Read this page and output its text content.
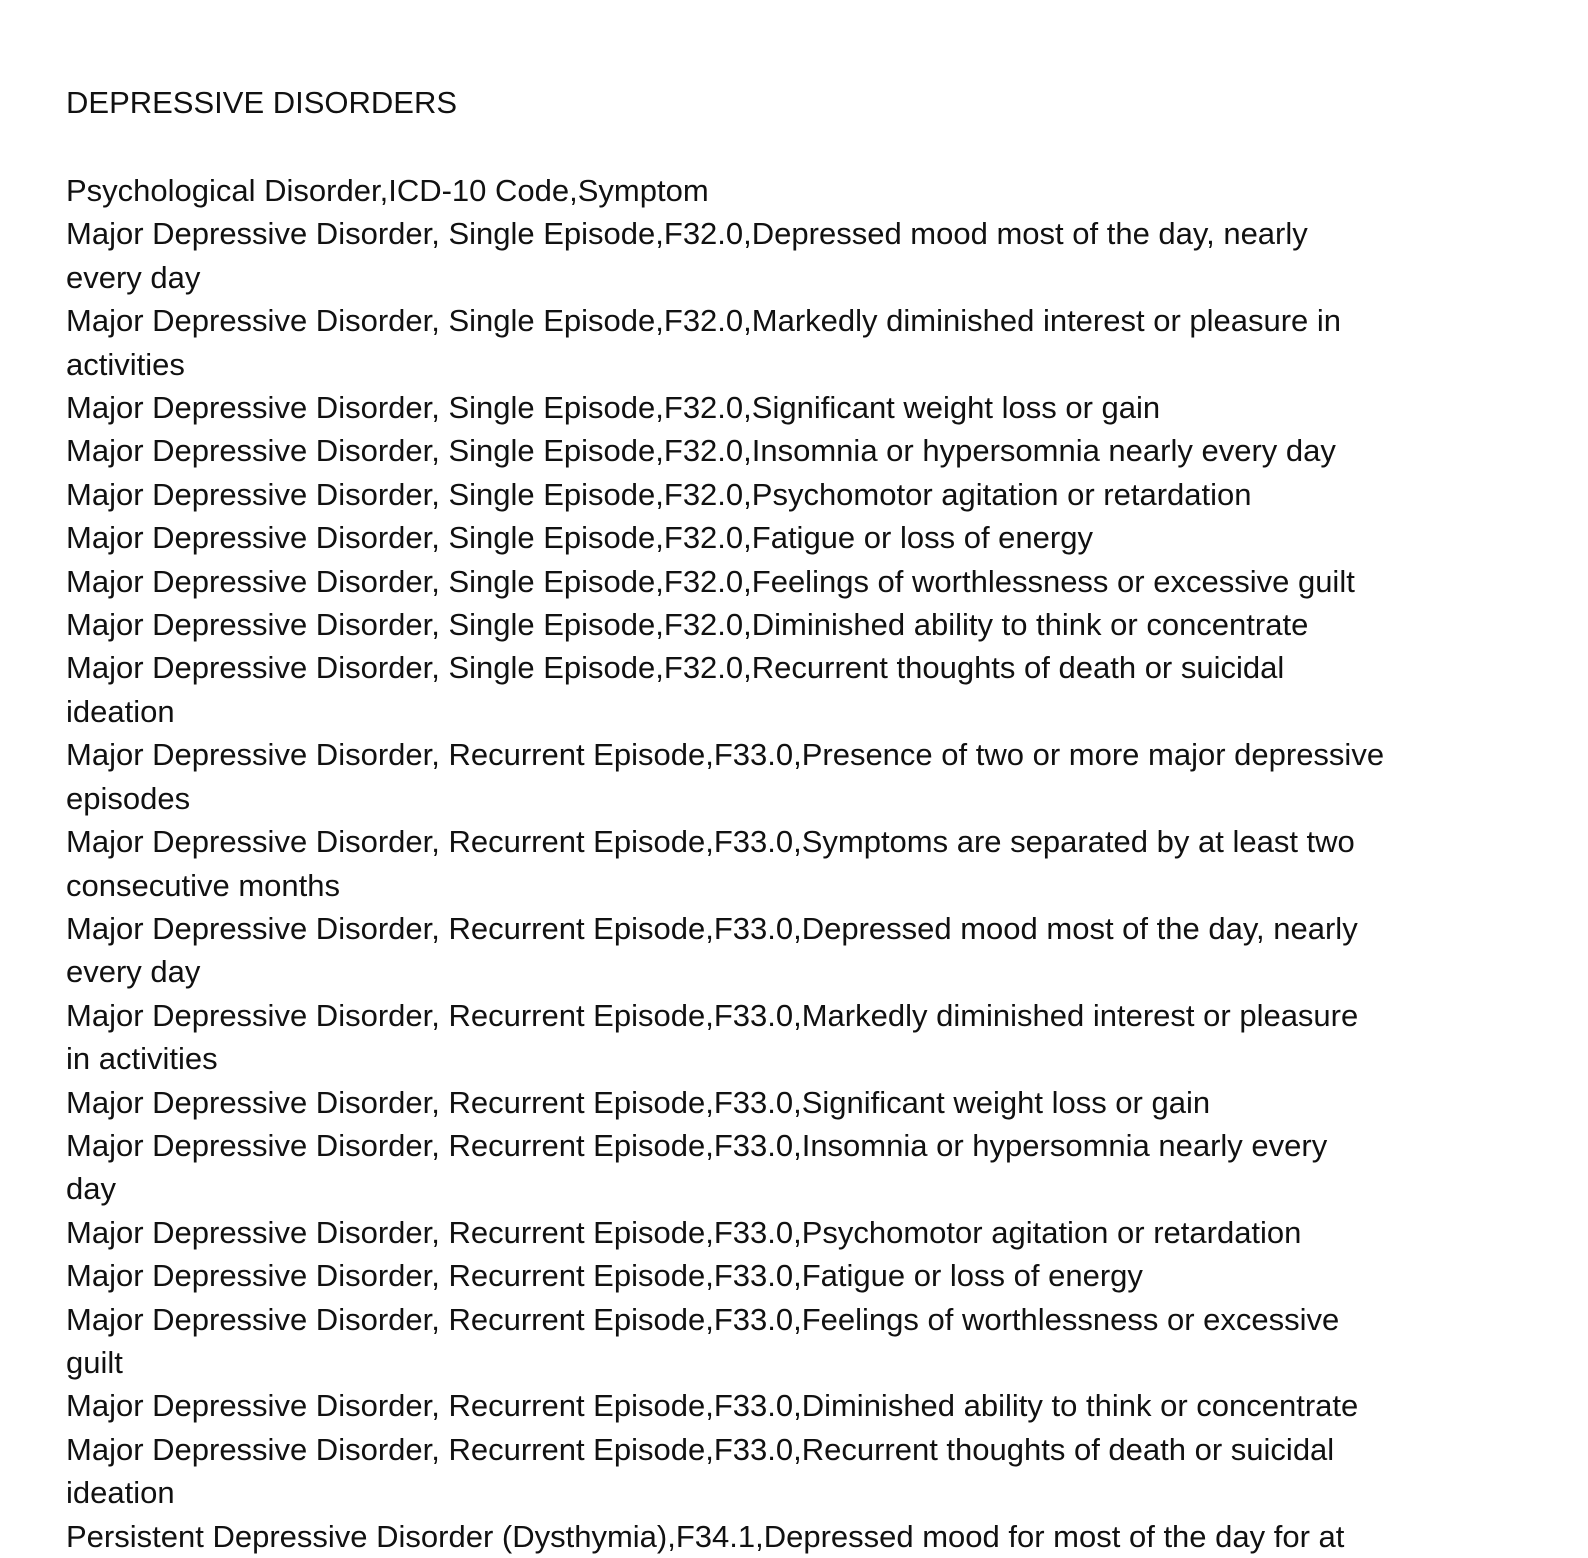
DEPRESSIVE DISORDERS
Psychological Disorder,ICD-10 Code,Symptom
Major Depressive Disorder, Single Episode,F32.0,Depressed mood most of the day, nearly
every day
Major Depressive Disorder, Single Episode,F32.0,Markedly diminished interest or pleasure in
activities
Major Depressive Disorder, Single Episode,F32.0,Significant weight loss or gain
Major Depressive Disorder, Single Episode,F32.0,Insomnia or hypersomnia nearly every day
Major Depressive Disorder, Single Episode,F32.0,Psychomotor agitation or retardation
Major Depressive Disorder, Single Episode,F32.0,Fatigue or loss of energy
Major Depressive Disorder, Single Episode,F32.0,Feelings of worthlessness or excessive guilt
Major Depressive Disorder, Single Episode,F32.0,Diminished ability to think or concentrate
Major Depressive Disorder, Single Episode,F32.0,Recurrent thoughts of death or suicidal
ideation
Major Depressive Disorder, Recurrent Episode,F33.0,Presence of two or more major depressive
episodes
Major Depressive Disorder, Recurrent Episode,F33.0,Symptoms are separated by at least two
consecutive months
Major Depressive Disorder, Recurrent Episode,F33.0,Depressed mood most of the day, nearly
every day
Major Depressive Disorder, Recurrent Episode,F33.0,Markedly diminished interest or pleasure
in activities
Major Depressive Disorder, Recurrent Episode,F33.0,Significant weight loss or gain
Major Depressive Disorder, Recurrent Episode,F33.0,Insomnia or hypersomnia nearly every
day
Major Depressive Disorder, Recurrent Episode,F33.0,Psychomotor agitation or retardation
Major Depressive Disorder, Recurrent Episode,F33.0,Fatigue or loss of energy
Major Depressive Disorder, Recurrent Episode,F33.0,Feelings of worthlessness or excessive
guilt
Major Depressive Disorder, Recurrent Episode,F33.0,Diminished ability to think or concentrate
Major Depressive Disorder, Recurrent Episode,F33.0,Recurrent thoughts of death or suicidal
ideation
Persistent Depressive Disorder (Dysthymia),F34.1,Depressed mood for most of the day for at
